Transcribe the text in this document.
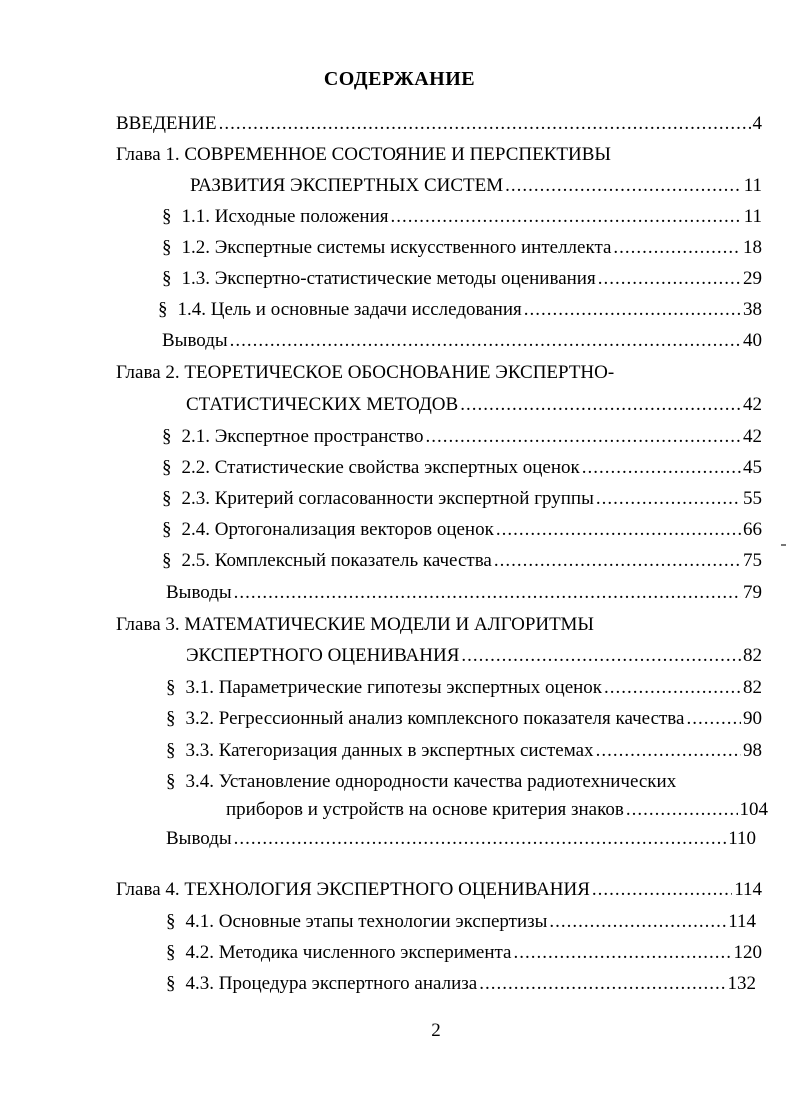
СОДЕРЖАНИЕ
ВВЕДЕНИЕ .....	4
Глава 1. СОВРЕМЕННОЕ СОСТОЯНИЕ И ПЕРСПЕКТИВЫ
РАЗВИТИЯ ЭКСПЕРТНЫХ СИСТЕМ .....	11
§ 1.1. Исходные положения .....	11
§ 1.2. Экспертные системы искусственного интеллекта .....	18
§ 1.3. Экспертно-статистические методы оценивания .....	29
§ 1.4. Цель и основные задачи исследования .....	38
Выводы .....	40
Глава 2. ТЕОРЕТИЧЕСКОЕ ОБОСНОВАНИЕ ЭКСПЕРТНО-
СТАТИСТИЧЕСКИХ МЕТОДОВ .....	42
§ 2.1. Экспертное пространство .....	42
§ 2.2. Статистические свойства экспертных оценок .....	45
§ 2.3. Критерий согласованности экспертной группы .....	55
§ 2.4. Ортогонализация векторов оценок .....	66
§ 2.5. Комплексный показатель качества .....	75
Выводы .....	79
Глава 3. МАТЕМАТИЧЕСКИЕ МОДЕЛИ И АЛГОРИТМЫ
ЭКСПЕРТНОГО ОЦЕНИВАНИЯ .....	82
§ 3.1. Параметрические гипотезы экспертных оценок .....	82
§ 3.2. Регрессионный анализ комплексного показателя качества .....	90
§ 3.3. Категоризация данных в экспертных системах .....	98
§ 3.4. Установление однородности качества радиотехнических
приборов и устройств на основе критерия знаков .....	104
Выводы .....	110
Глава 4. ТЕХНОЛОГИЯ ЭКСПЕРТНОГО ОЦЕНИВАНИЯ .....	114
§ 4.1. Основные этапы технологии экспертизы .....	114
§ 4.2. Методика численного эксперимента .....	120
§ 4.3. Процедура экспертного анализа .....	132
2
